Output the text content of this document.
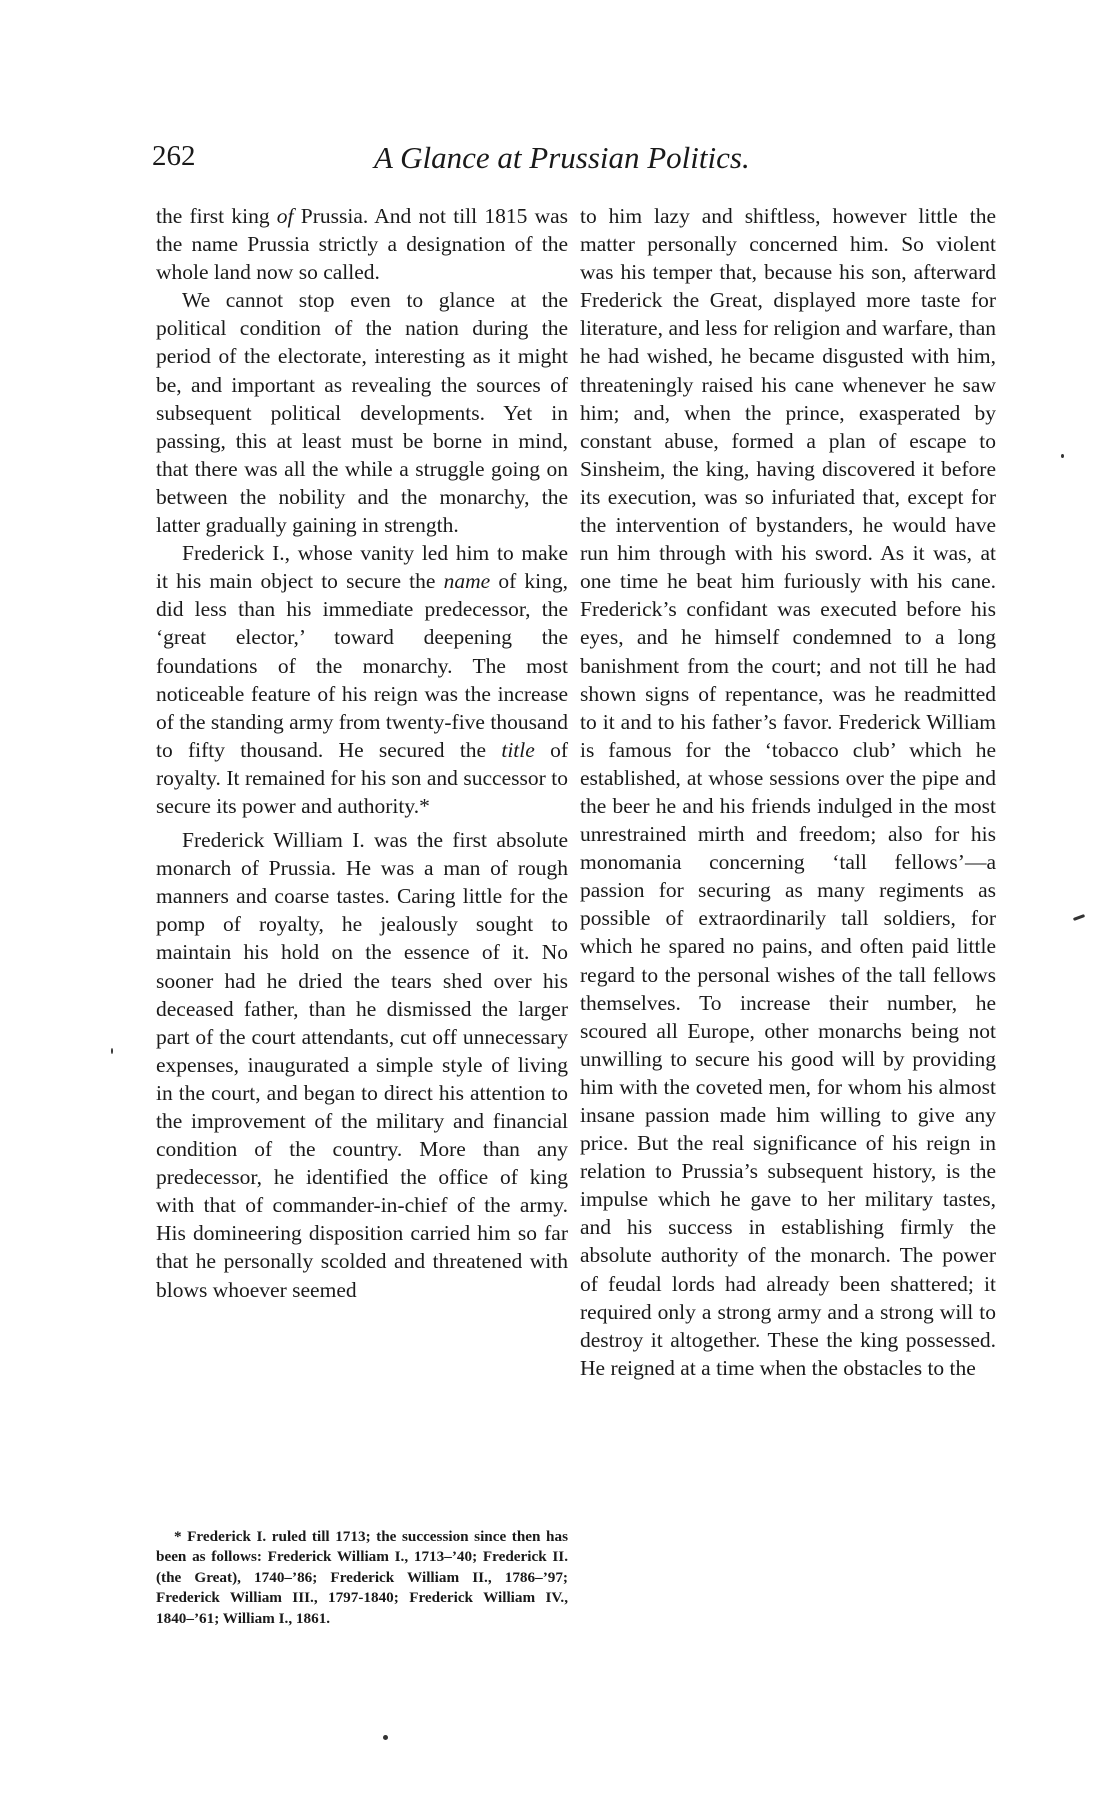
262	A Glance at Prussian Politics.

the first king of Prussia. And not till 1815 was the name Prussia strictly a designation of the whole land now so called.

We cannot stop even to glance at the political condition of the nation during the period of the electorate, interesting as it might be, and important as revealing the sources of subsequent political developments. Yet in passing, this at least must be borne in mind, that there was all the while a struggle going on between the nobility and the monarchy, the latter gradually gaining in strength.

Frederick I., whose vanity led him to make it his main object to secure the name of king, did less than his immediate predecessor, the ‘great elector,’ toward deepening the foundations of the monarchy. The most noticeable feature of his reign was the increase of the standing army from twenty-five thousand to fifty thousand. He secured the title of royalty. It remained for his son and successor to secure its power and authority.*

Frederick William I. was the first absolute monarch of Prussia. He was a man of rough manners and coarse tastes. Caring little for the pomp of royalty, he jealously sought to maintain his hold on the essence of it. No sooner had he dried the tears shed over his deceased father, than he dismissed the larger part of the court attendants, cut off unnecessary expenses, inaugurated a simple style of living in the court, and began to direct his attention to the improvement of the military and financial condition of the country. More than any predecessor, he identified the office of king with that of commander-in-chief of the army. His domineering disposition carried him so far that he personally scolded and threatened with blows whoever seemed

* Frederick I. ruled till 1713; the succession since then has been as follows: Frederick William I., 1713–’40; Frederick II. (the Great), 1740–’86; Frederick William II., 1786–’97; Frederick William III., 1797-1840; Frederick William IV., 1840–’61; William I., 1861.

to him lazy and shiftless, however little the matter personally concerned him. So violent was his temper that, because his son, afterward Frederick the Great, displayed more taste for literature, and less for religion and warfare, than he had wished, he became disgusted with him, threateningly raised his cane whenever he saw him; and, when the prince, exasperated by constant abuse, formed a plan of escape to Sinsheim, the king, having discovered it before its execution, was so infuriated that, except for the intervention of bystanders, he would have run him through with his sword. As it was, at one time he beat him furiously with his cane. Frederick’s confidant was executed before his eyes, and he himself condemned to a long banishment from the court; and not till he had shown signs of repentance, was he readmitted to it and to his father’s favor. Frederick William is famous for the ‘tobacco club’ which he established, at whose sessions over the pipe and the beer he and his friends indulged in the most unrestrained mirth and freedom; also for his monomania concerning ‘tall fellows’—a passion for securing as many regiments as possible of extraordinarily tall soldiers, for which he spared no pains, and often paid little regard to the personal wishes of the tall fellows themselves. To increase their number, he scoured all Europe, other monarchs being not unwilling to secure his good will by providing him with the coveted men, for whom his almost insane passion made him willing to give any price. But the real significance of his reign in relation to Prussia’s subsequent history, is the impulse which he gave to her military tastes, and his success in establishing firmly the absolute authority of the monarch. The power of feudal lords had already been shattered; it required only a strong army and a strong will to destroy it altogether. These the king possessed. He reigned at a time when the obstacles to the
